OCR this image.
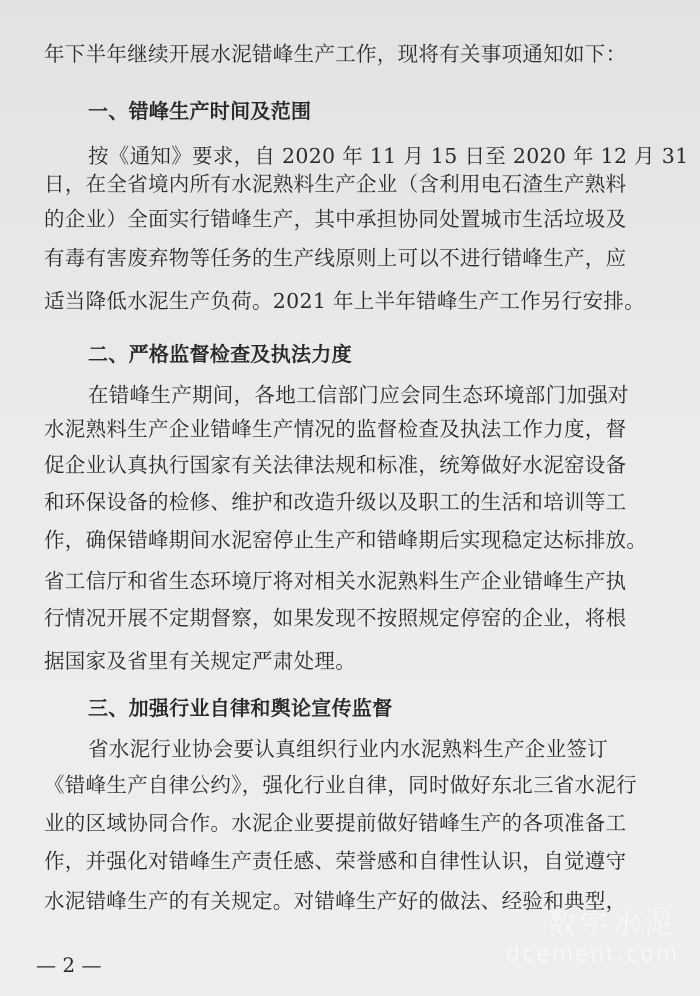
年下半年继续开展水泥错峰生产工作，现将有关事项通知如下：
一、错峰生产时间及范围
按《通知》要求，自 2020 年 11 月 15 日至 2020 年 12 月 31
日，在全省境内所有水泥熟料生产企业（含利用电石渣生产熟料
的企业）全面实行错峰生产，其中承担协同处置城市生活垃圾及
有毒有害废弃物等任务的生产线原则上可以不进行错峰生产，应
适当降低水泥生产负荷。2021 年上半年错峰生产工作另行安排。
二、严格监督检查及执法力度
在错峰生产期间，各地工信部门应会同生态环境部门加强对
水泥熟料生产企业错峰生产情况的监督检查及执法工作力度，督
促企业认真执行国家有关法律法规和标准，统筹做好水泥窑设备
和环保设备的检修、维护和改造升级以及职工的生活和培训等工
作，确保错峰期间水泥窑停止生产和错峰期后实现稳定达标排放。
省工信厅和省生态环境厅将对相关水泥熟料生产企业错峰生产执
行情况开展不定期督察，如果发现不按照规定停窑的企业，将根
据国家及省里有关规定严肃处理。
三、加强行业自律和舆论宣传监督
省水泥行业协会要认真组织行业内水泥熟料生产企业签订
《错峰生产自律公约》，强化行业自律，同时做好东北三省水泥行
业的区域协同合作。水泥企业要提前做好错峰生产的各项准备工
作，并强化对错峰生产责任感、荣誉感和自律性认识，自觉遵守
水泥错峰生产的有关规定。对错峰生产好的做法、经验和典型，
— 2 —
数字水泥
dcement.com
